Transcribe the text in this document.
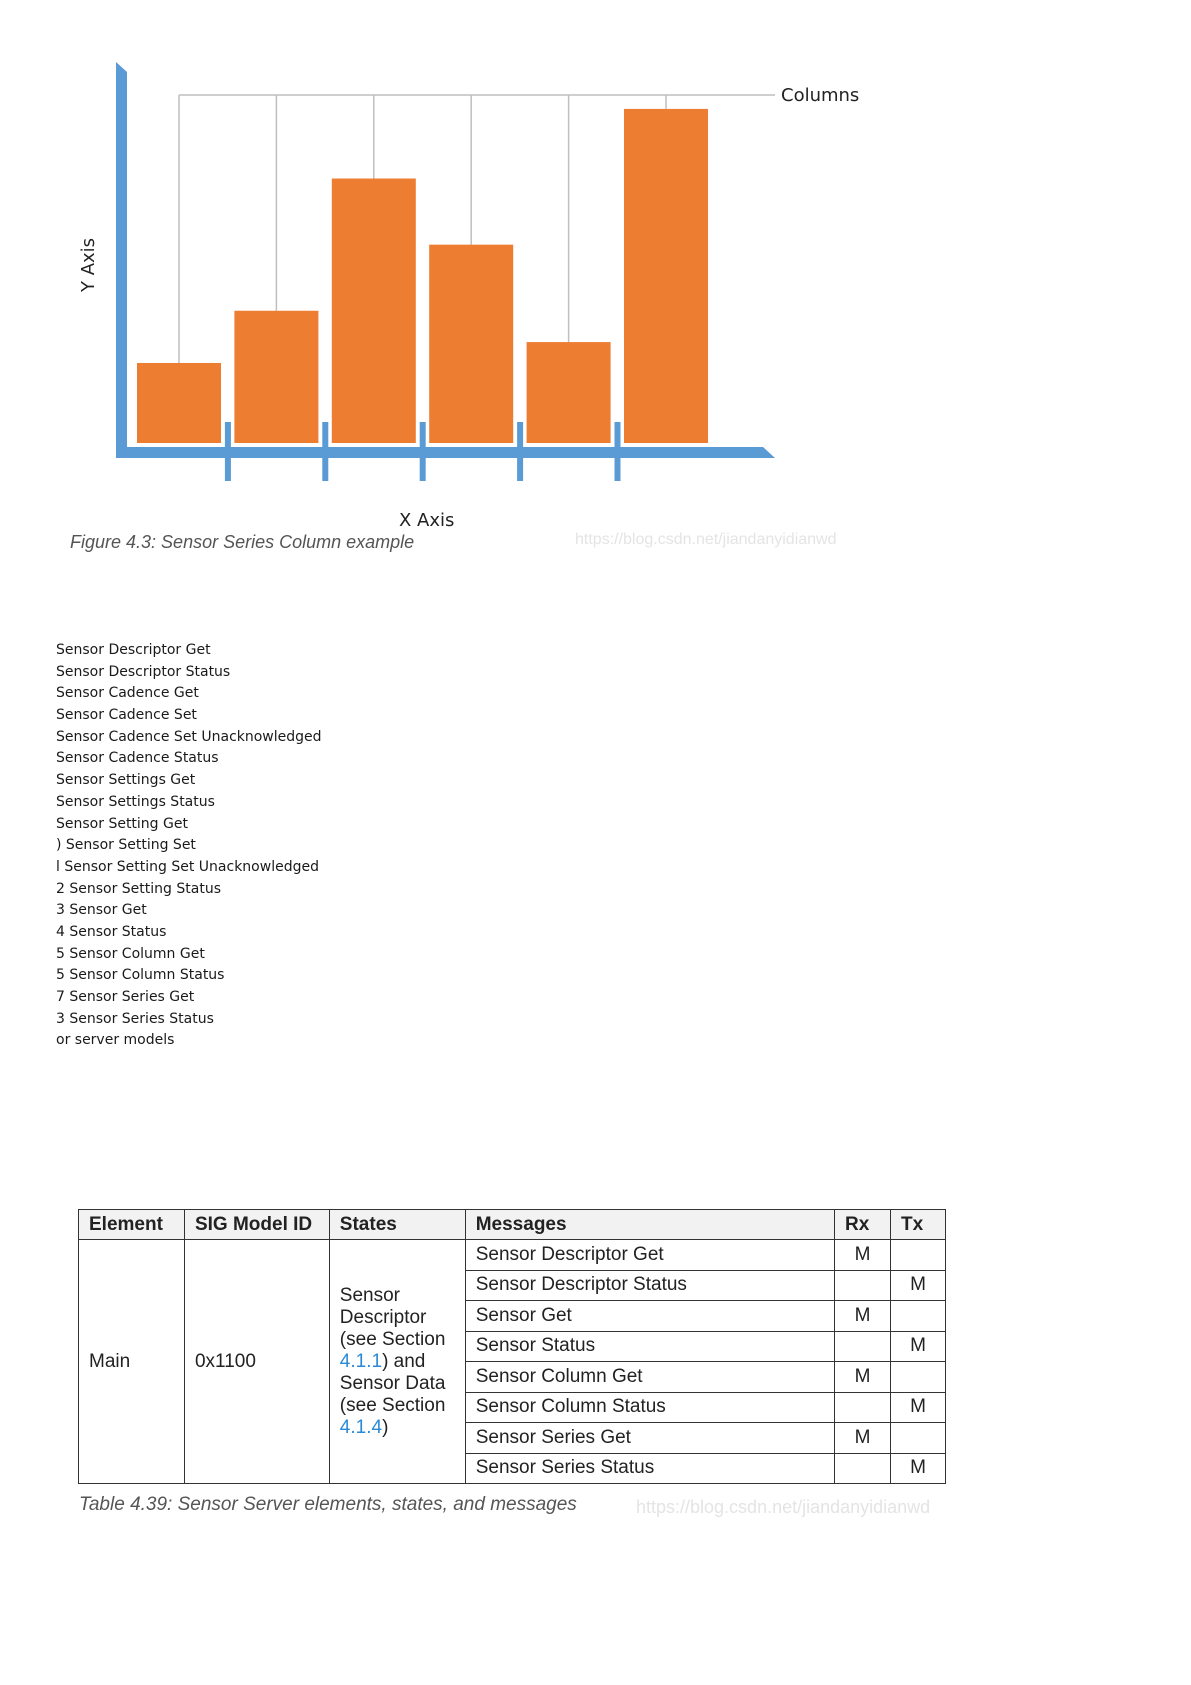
Columns
Y Axis
X Axis
Figure 4.3: Sensor Series Column example	https://blog.csdn.net/jiandanyidianwd
Sensor Descriptor Get
Sensor Descriptor Status
Sensor Cadence Get
Sensor Cadence Set
Sensor Cadence Set Unacknowledged
Sensor Cadence Status
Sensor Settings Get
Sensor Settings Status
Sensor Setting Get
) Sensor Setting Set
l Sensor Setting Set Unacknowledged
2 Sensor Setting Status
3 Sensor Get
4 Sensor Status
5 Sensor Column Get
5 Sensor Column Status
7 Sensor Series Get
3 Sensor Series Status
or server models
Element	SIG Model ID	States	Messages	Rx	Tx
Main	0x1100	Sensor Descriptor (see Section 4.1.1) and Sensor Data (see Section 4.1.4)	Sensor Descriptor Get	M	
			Sensor Descriptor Status		M
			Sensor Get	M	
			Sensor Status		M
			Sensor Column Get	M	
			Sensor Column Status		M
			Sensor Series Get	M	
			Sensor Series Status		M
Table 4.39: Sensor Server elements, states, and messages	https://blog.csdn.net/jiandanyidianwd
